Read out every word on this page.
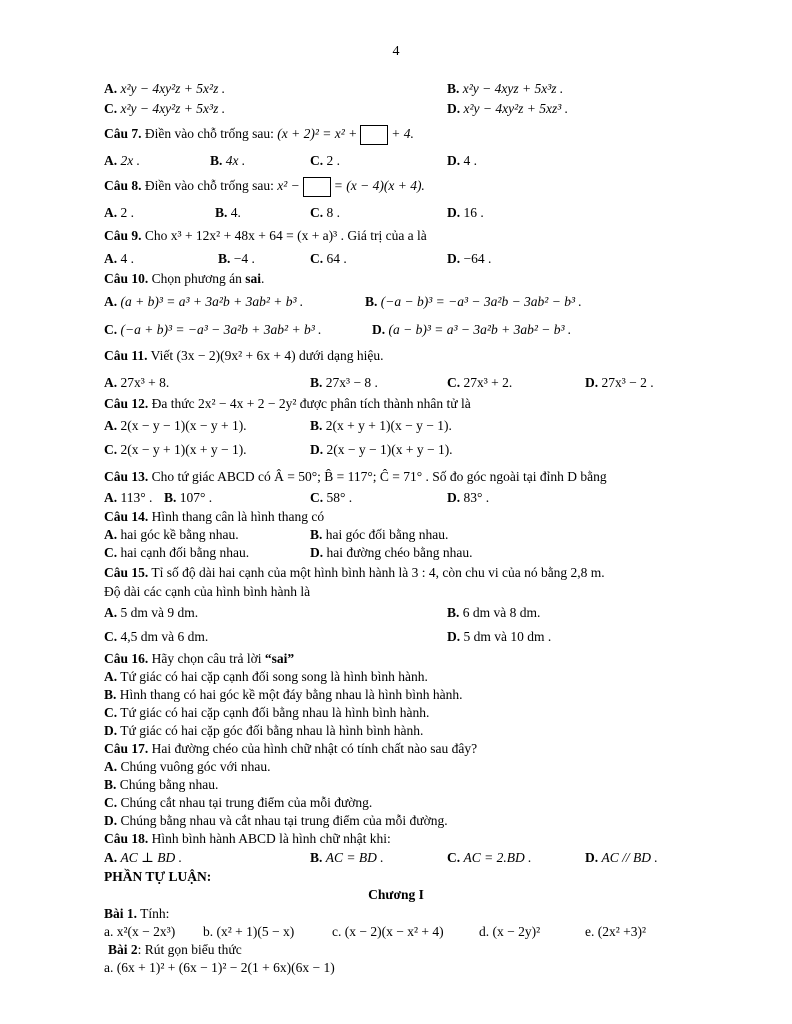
4
A. x²y − 4xy²z + 5x²z .	B. x²y − 4xyz + 5x³z .
C. x²y − 4xy²z + 5x³z .	D. x²y − 4xy²z + 5xz³ .
Câu 7. Điền vào chỗ trống sau: (x + 2)² = x² +	+ 4.
A. 2x .	B. 4x .	C. 2 .	D. 4 .
Câu 8. Điền vào chỗ trống sau: x² −	= (x − 4)(x + 4).
A. 2 .	B. 4.	C. 8 .	D. 16 .
Câu 9. Cho x³ + 12x² + 48x + 64 = (x + a)³ . Giá trị của a là
A. 4 .	B. −4 .	C. 64 .	D. −64 .
Câu 10. Chọn phương án sai.
A. (a + b)³ = a³ + 3a²b + 3ab² + b³ .	B. (−a − b)³ = −a³ − 3a²b − 3ab² − b³ .
C. (−a + b)³ = −a³ − 3a²b + 3ab² + b³ .	D. (a − b)³ = a³ − 3a²b + 3ab² − b³ .
Câu 11. Viết (3x − 2)(9x² + 6x + 4) dưới dạng hiệu.
A. 27x³ + 8.	B. 27x³ − 8 .	C. 27x³ + 2.	D. 27x³ − 2 .
Câu 12. Đa thức 2x² − 4x + 2 − 2y² được phân tích thành nhân tử là
A. 2(x − y − 1)(x − y + 1).	B. 2(x + y + 1)(x − y − 1).
C. 2(x − y + 1)(x + y − 1).	D. 2(x − y − 1)(x + y − 1).
Câu 13. Cho tứ giác ABCD có Â = 50°; B̂ = 117°; Ĉ = 71° . Số đo góc ngoài tại đỉnh D bằng
A. 113° . B. 107° .	C. 58° .	D. 83° .
Câu 14. Hình thang cân là hình thang có
A. hai góc kề bằng nhau.	B. hai góc đối bằng nhau.
C. hai cạnh đối bằng nhau.	D. hai đường chéo bằng nhau.
Câu 15. Tỉ số độ dài hai cạnh của một hình bình hành là 3 : 4, còn chu vi của nó bằng 2,8 m.
Độ dài các cạnh của hình bình hành là
A. 5 dm và 9 dm.	B. 6 dm và 8 dm.
C. 4,5 dm và 6 dm.	D. 5 dm và 10 dm .
Câu 16. Hãy chọn câu trả lời “sai”
A. Tứ giác có hai cặp cạnh đối song song là hình bình hành.
B. Hình thang có hai góc kề một đáy bằng nhau là hình bình hành.
C. Tứ giác có hai cặp cạnh đối bằng nhau là hình bình hành.
D. Tứ giác có hai cặp góc đối bằng nhau là hình bình hành.
Câu 17. Hai đường chéo của hình chữ nhật có tính chất nào sau đây?
A. Chúng vuông góc với nhau.
B. Chúng bằng nhau.
C. Chúng cắt nhau tại trung điểm của mỗi đường.
D. Chúng bằng nhau và cắt nhau tại trung điểm của mỗi đường.
Câu 18. Hình bình hành ABCD là hình chữ nhật khi:
A. AC ⊥ BD .	B. AC = BD .	C. AC = 2.BD .	D. AC // BD .
PHẦN TỰ LUẬN:
Chương I
Bài 1. Tính:
a. x²(x − 2x³) b. (x² + 1)(5 − x)	c. (x − 2)(x − x² + 4)	d. (x − 2y)²	e. (2x² +3)²
Bài 2: Rút gọn biểu thức
a. (6x + 1)² + (6x − 1)² − 2(1 + 6x)(6x − 1)
